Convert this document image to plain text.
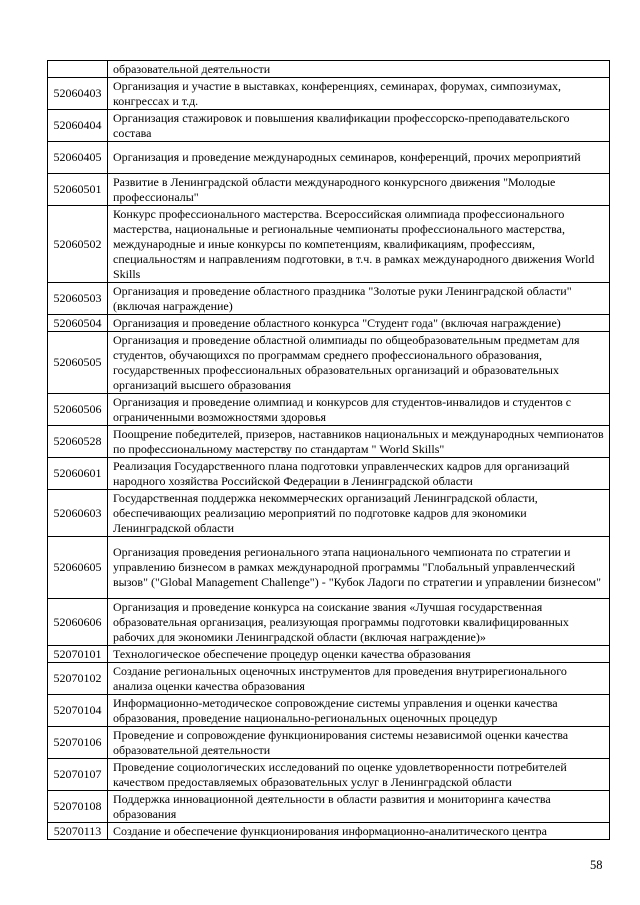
	образовательной деятельности
52060403	Организация и участие в выставках, конференциях, семинарах, форумах, симпозиумах, конгрессах и т.д.
52060404	Организация стажировок и повышения квалификации профессорско-преподавательского состава
52060405	Организация и проведение международных семинаров, конференций, прочих мероприятий
52060501	Развитие в Ленинградской области международного конкурсного движения "Молодые профессионалы"
52060502	Конкурс профессионального мастерства. Всероссийская олимпиада профессионального мастерства, национальные и региональные чемпионаты профессионального мастерства, международные и иные конкурсы по компетенциям, квалификациям, профессиям, специальностям и направлениям подготовки, в т.ч. в рамках международного движения World Skills
52060503	Организация и проведение областного праздника "Золотые руки Ленинградской области" (включая награждение)
52060504	Организация и проведение областного конкурса "Студент года" (включая награждение)
52060505	Организация и проведение областной олимпиады по общеобразовательным предметам для студентов, обучающихся по программам среднего профессионального образования, государственных профессиональных образовательных организаций и образовательных организаций высшего образования
52060506	Организация и проведение олимпиад и конкурсов для студентов-инвалидов и студентов с ограниченными возможностями здоровья
52060528	Поощрение победителей, призеров, наставников национальных и международных чемпионатов по профессиональному мастерству по стандартам " World Skills"
52060601	Реализация Государственного плана подготовки управленческих кадров для организаций народного хозяйства Российской Федерации в Ленинградской области
52060603	Государственная поддержка некоммерческих организаций Ленинградской области, обеспечивающих реализацию мероприятий по подготовке кадров для экономики Ленинградской области
52060605	Организация проведения регионального этапа национального чемпионата по стратегии и управлению бизнесом в рамках международной программы "Глобальный управленческий вызов" ("Global Management Challenge") - "Кубок Ладоги по стратегии и управлении бизнесом"
52060606	Организация и проведение конкурса на соискание звания «Лучшая государственная образовательная организация, реализующая программы подготовки квалифицированных рабочих для экономики Ленинградской области (включая награждение)»
52070101	Технологическое обеспечение процедур оценки качества образования
52070102	Создание региональных оценочных инструментов для проведения внутрирегионального анализа оценки качества образования
52070104	Информационно-методическое сопровождение системы управления и оценки качества образования, проведение национально-региональных оценочных процедур
52070106	Проведение и сопровождение функционирования системы независимой оценки качества образовательной деятельности
52070107	Проведение социологических исследований по оценке удовлетворенности потребителей качеством предоставляемых образовательных услуг в Ленинградской области
52070108	Поддержка инновационной деятельности в области развития и мониторинга качества образования
52070113	Создание и обеспечение функционирования информационно-аналитического центра
58
